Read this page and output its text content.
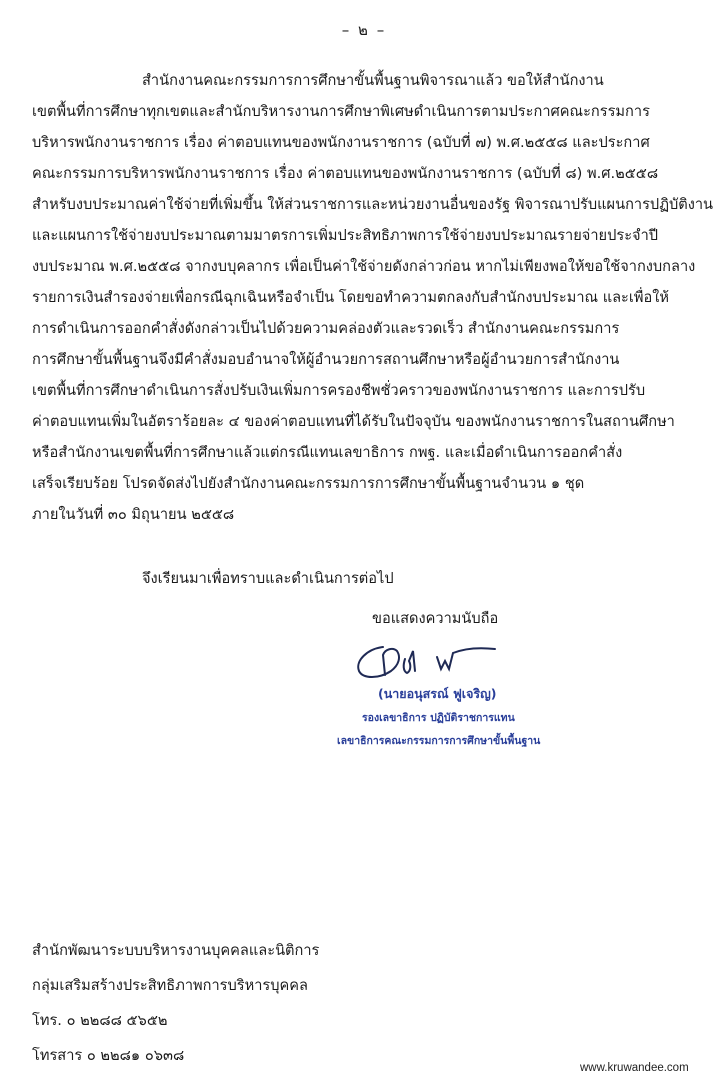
– ๒ –
สำนักงานคณะกรรมการการศึกษาขั้นพื้นฐานพิจารณาแล้ว ขอให้สำนักงาน
เขตพื้นที่การศึกษาทุกเขตและสำนักบริหารงานการศึกษาพิเศษดำเนินการตามประกาศคณะกรรมการ
บริหารพนักงานราชการ เรื่อง ค่าตอบแทนของพนักงานราชการ (ฉบับที่ ๗) พ.ศ.๒๕๕๘ และประกาศ
คณะกรรมการบริหารพนักงานราชการ เรื่อง ค่าตอบแทนของพนักงานราชการ (ฉบับที่ ๘) พ.ศ.๒๕๕๘
สำหรับงบประมาณค่าใช้จ่ายที่เพิ่มขึ้น ให้ส่วนราชการและหน่วยงานอื่นของรัฐ พิจารณาปรับแผนการปฏิบัติงาน
และแผนการใช้จ่ายงบประมาณตามมาตรการเพิ่มประสิทธิภาพการใช้จ่ายงบประมาณรายจ่ายประจำปี
งบประมาณ พ.ศ.๒๕๕๘ จากงบบุคลากร เพื่อเป็นค่าใช้จ่ายดังกล่าวก่อน หากไม่เพียงพอให้ขอใช้จากงบกลาง
รายการเงินสำรองจ่ายเพื่อกรณีฉุกเฉินหรือจำเป็น โดยขอทำความตกลงกับสำนักงบประมาณ และเพื่อให้
การดำเนินการออกคำสั่งดังกล่าวเป็นไปด้วยความคล่องตัวและรวดเร็ว สำนักงานคณะกรรมการ
การศึกษาขั้นพื้นฐานจึงมีคำสั่งมอบอำนาจให้ผู้อำนวยการสถานศึกษาหรือผู้อำนวยการสำนักงาน
เขตพื้นที่การศึกษาดำเนินการสั่งปรับเงินเพิ่มการครองชีพชั่วคราวของพนักงานราชการ และการปรับ
ค่าตอบแทนเพิ่มในอัตราร้อยละ ๔ ของค่าตอบแทนที่ได้รับในปัจจุบัน ของพนักงานราชการในสถานศึกษา
หรือสำนักงานเขตพื้นที่การศึกษาแล้วแต่กรณีแทนเลขาธิการ กพฐ. และเมื่อดำเนินการออกคำสั่ง
เสร็จเรียบร้อย โปรดจัดส่งไปยังสำนักงานคณะกรรมการการศึกษาขั้นพื้นฐานจำนวน ๑ ชุด
ภายในวันที่ ๓๐ มิถุนายน ๒๕๕๘
จึงเรียนมาเพื่อทราบและดำเนินการต่อไป
ขอแสดงความนับถือ
(นายอนุสรณ์ ฟูเจริญ)
รองเลขาธิการ ปฏิบัติราชการแทน
เลขาธิการคณะกรรมการการศึกษาขั้นพื้นฐาน
สำนักพัฒนาระบบบริหารงานบุคคลและนิติการ
กลุ่มเสริมสร้างประสิทธิภาพการบริหารบุคคล
โทร. ๐ ๒๒๘๘ ๕๖๕๒
โทรสาร ๐ ๒๒๘๑ ๐๖๓๘
www.kruwandee.com
